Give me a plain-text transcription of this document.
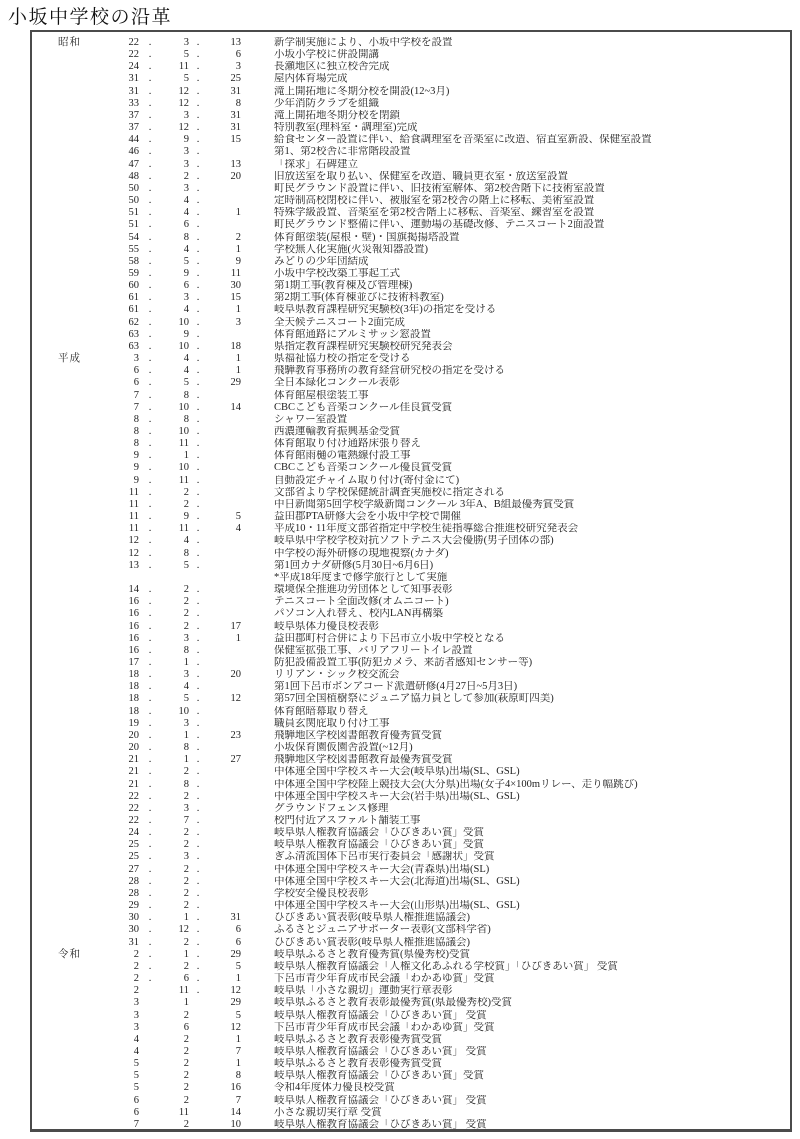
小坂中学校の沿革
昭和	22 .	3 .	13	新学制実施により、小坂中学校を設置
22 .	5 .	6	小坂小学校に併設開講
24 .	11 .	3	長瀬地区に独立校舎完成
31 .	5 .	25	屋内体育場完成
31 .	12 .	31	滝上開拓地に冬期分校を開設(12~3月)
33 .	12 .	8	少年消防クラブを組織
37 .	3 .	31	滝上開拓地冬期分校を閉鎖
37 .	12 .	31	特別教室(理科室・調理室)完成
44 .	9 .	15	給食センター設置に伴い、給食調理室を音楽室に改造、宿直室新設、保健室設置
46 .	3 .	第1、第2校舎に非常階段設置
47 .	3 .	13	「探求」石碑建立
48 .	2 .	20	旧放送室を取り払い、保健室を改造、職員更衣室・放送室設置
50 .	3 .	町民グラウンド設置に伴い、旧技術室解体、第2校舎階下に技術室設置
50 .	4 .	定時制高校閉校に伴い、被服室を第2校舎の階上に移転、美術室設置
51 .	4 .	1	特殊学級設置、音楽室を第2校舎階上に移転、音楽室、練習室を設置
51 .	6 .	町民グラウンド整備に伴い、運動場の基礎改修、テニスコート2面設置
54 .	8 .	2	体育館塗装(屋根・壁)・国旗掲揚塔設置
55 .	4 .	1	学校無人化実施(火災報知器設置)
58 .	5 .	9	みどりの少年団結成
59 .	9 .	11	小坂中学校改築工事起工式
60 .	6 .	30	第1期工事(教育棟及び管理棟)
61 .	3 .	15	第2期工事(体育棟並びに技術科教室)
61 .	4 .	1	岐阜県教育課程研究実験校(3年)の指定を受ける
62 .	10 .	3	全天候テニスコート2面完成
63 .	9 .	体育館通路にアルミサッシ窓設置
63 .	10 .	18	県指定教育課程研究実験校研究発表会
平成	3 .	4 .	1	県福祉協力校の指定を受ける
6 .	4 .	1	飛騨教育事務所の教育経営研究校の指定を受ける
6 .	5 .	29	全日本緑化コンクール表彰
7 .	8 .	体育館屋根塗装工事
7 .	10 .	14	CBCこども音楽コンクール佳良賞受賞
8 .	8 .	シャワー室設置
8 .	10 .	西濃運輸教育振興基金受賞
8 .	11 .	体育館取り付け通路床張り替え
9 .	1 .	体育館雨樋の電熱線付設工事
9 .	10 .	CBCこども音楽コンクール優良賞受賞
9 .	11 .	自動設定チャイム取り付け(寄付金にて)
11 .	2 .	文部省より学校保健統計調査実施校に指定される
11 .	2 .	中日新聞第5回学校学級新聞コンクール 3年A、B組最優秀賞受賞
11 .	9 .	5	益田郡PTA研修大会を小坂中学校で開催
11 .	11 .	4	平成10・11年度文部省指定中学校生徒指導総合推進校研究発表会
12 .	4 .	岐阜県中学校学校対抗ソフトテニス大会優勝(男子団体の部)
12 .	8 .	中学校の海外研修の現地視察(カナダ)
13 .	5 .	第1回カナダ研修(5月30日~6月6日)
*平成18年度まで修学旅行として実施
14 .	2 .	環境保全推進功労団体として知事表彰
16 .	2 .	テニスコート全面改修(オムニコート)
16 .	2 .	パソコン入れ替え、校内LAN再構築
16 .	2 .	17	岐阜県体力優良校表彰
16 .	3 .	1	益田郡町村合併により下呂市立小坂中学校となる
16 .	8 .	保健室拡張工事、バリアフリートイレ設置
17 .	1 .	防犯設備設置工事(防犯カメラ、来訪者感知センサー等)
18 .	3 .	20	リリアン・シック校交流会
18 .	4 .	第1回下呂市ボンアコード派遣研修(4月27日~5月3日)
18 .	5 .	12	第57回全国植樹祭にジュニア協力員として参加(萩原町四美)
18 .	10 .	体育館暗幕取り替え
19 .	3 .	職員玄関庇取り付け工事
20 .	1 .	23	飛騨地区学校図書館教育優秀賞受賞
20 .	8 .	小坂保育園仮園舎設置(~12月)
21 .	1 .	27	飛騨地区学校図書館教育最優秀賞受賞
21 .	2 .	中体連全国中学校スキー大会(岐阜県)出場(SL、GSL)
21 .	8 .	中体連全国中学校陸上競技大会(大分県)出場(女子4×100mリレー、走り幅跳び)
22 .	2 .	中体連全国中学校スキー大会(岩手県)出場(SL、GSL)
22 .	3 .	グラウンドフェンス修理
22 .	7 .	校門付近アスファルト舗装工事
24 .	2 .	岐阜県人権教育協議会「ひびきあい賞」受賞
25 .	2 .	岐阜県人権教育協議会「ひびきあい賞」受賞
25 .	3 .	ぎふ清流国体下呂市実行委員会「感謝状」受賞
27 .	2 .	中体連全国中学校スキー大会(青森県)出場(SL)
28 .	2 .	中体連全国中学校スキー大会(北海道)出場(SL、GSL)
28 .	2 .	学校安全優良校表彰
29 .	2 .	中体連全国中学校スキー大会(山形県)出場(SL、GSL)
30 .	1 .	31	ひびきあい賞表彰(岐阜県人権推進協議会)
30 .	12 .	6	ふるさとジュニアサポーター表彰(文部科学省)
31 .	2 .	6	ひびきあい賞表彰(岐阜県人権推進協議会)
令和	2 .	1 .	29	岐阜県ふるさと教育優秀賞(県優秀校)受賞
2 .	2 .	5	岐阜県人権教育協議会「人権文化あふれる学校賞」「ひびきあい賞」 受賞
2 .	6 .	1	下呂市青少年育成市民会議「わかあゆ賞」受賞
2	11 .	12	岐阜県「小さな親切」運動実行章表彰
3	1	29	岐阜県ふるさと教育表彰最優秀賞(県最優秀校)受賞
3	2	5	岐阜県人権教育協議会「ひびきあい賞」 受賞
3	6	12	下呂市青少年育成市民会議「わかあゆ賞」受賞
4	2	1	岐阜県ふるさと教育表彰優秀賞受賞
4	2	7	岐阜県人権教育協議会「ひびきあい賞」 受賞
5	2	1	岐阜県ふるさと教育表彰優秀賞受賞
5	2	8	岐阜県人権教育協議会「ひびきあい賞」受賞
5	2	16	令和4年度体力優良校受賞
6	2	7	岐阜県人権教育協議会「ひびきあい賞」 受賞
6	11	14	小さな親切実行章 受賞
7	2	10	岐阜県人権教育協議会「ひびきあい賞」 受賞
